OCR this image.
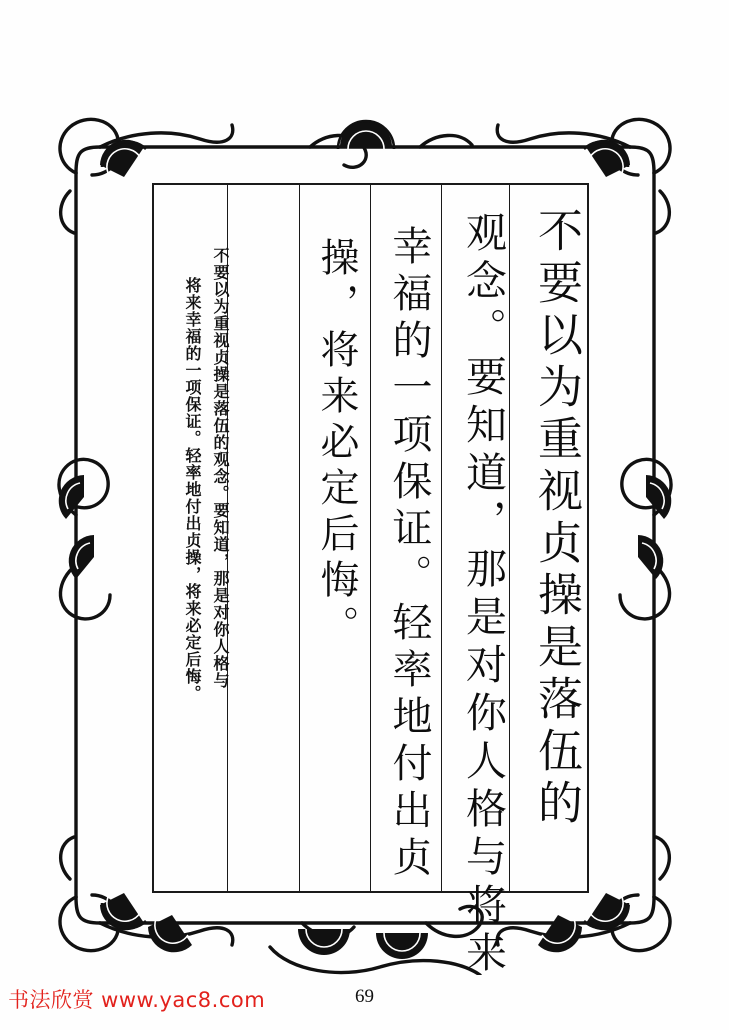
不要以为重视贞操是落伍的
观念。要知道，那是对你人格与将来
幸福的一项保证。轻率地付出贞
操，将来必定后悔。
不要以为重视贞操是落伍的观念。要知道，那是对你人格与
将来幸福的一项保证。轻率地付出贞操，将来必定后悔。
书法欣赏 www.yac8.com	69
